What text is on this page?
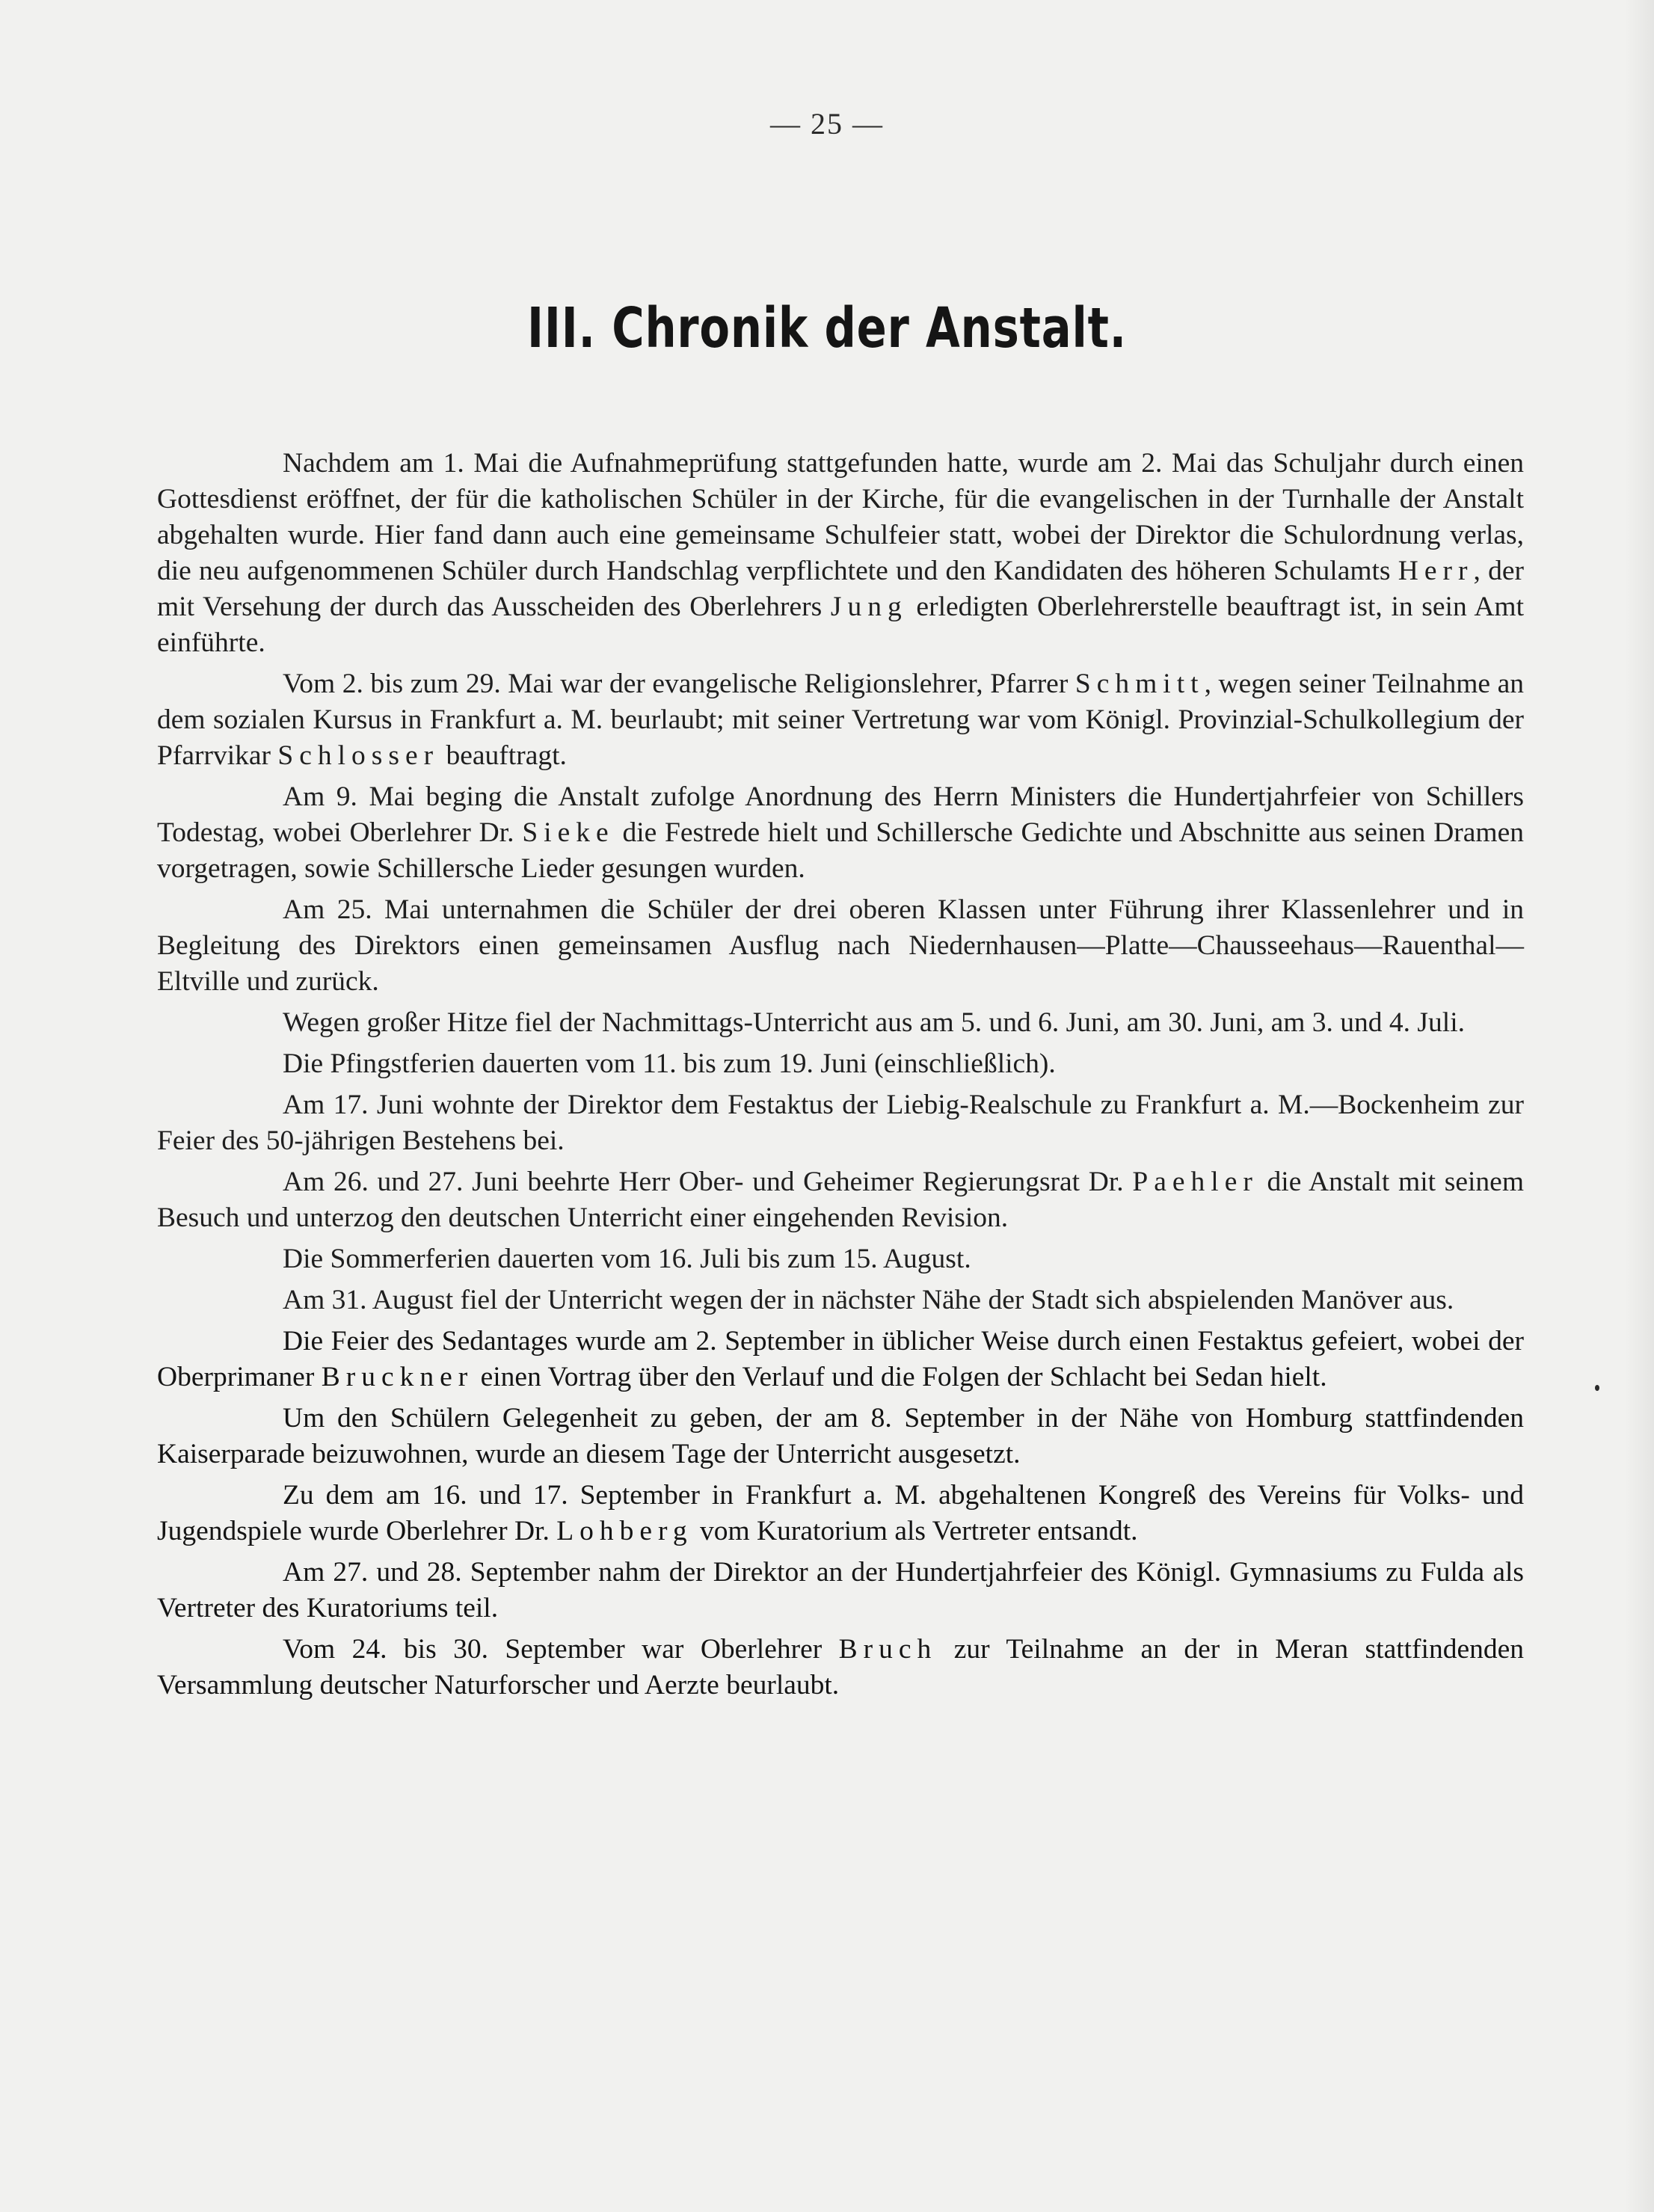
— 25 —
III. Chronik der Anstalt.

Nachdem am 1. Mai die Aufnahmeprüfung stattgefunden hatte, wurde am 2. Mai das Schuljahr durch einen Gottesdienst eröffnet, der für die katholischen Schüler in der Kirche, für die evangelischen in der Turnhalle der Anstalt abgehalten wurde. Hier fand dann auch eine gemeinsame Schulfeier statt, wobei der Direktor die Schulordnung verlas, die neu aufgenommenen Schüler durch Handschlag verpflichtete und den Kandidaten des höheren Schulamts Herr, der mit Versehung der durch das Ausscheiden des Oberlehrers Jung erledigten Oberlehrerstelle beauftragt ist, in sein Amt einführte.

Vom 2. bis zum 29. Mai war der evangelische Religionslehrer, Pfarrer Schmitt, wegen seiner Teilnahme an dem sozialen Kursus in Frankfurt a. M. beurlaubt; mit seiner Vertretung war vom Königl. Provinzial-Schulkollegium der Pfarrvikar Schlosser beauftragt.

Am 9. Mai beging die Anstalt zufolge Anordnung des Herrn Ministers die Hundertjahrfeier von Schillers Todestag, wobei Oberlehrer Dr. Sieke die Festrede hielt und Schillersche Gedichte und Abschnitte aus seinen Dramen vorgetragen, sowie Schillersche Lieder gesungen wurden.

Am 25. Mai unternahmen die Schüler der drei oberen Klassen unter Führung ihrer Klassenlehrer und in Begleitung des Direktors einen gemeinsamen Ausflug nach Niedernhausen—Platte—Chausseehaus—Rauenthal—Eltville und zurück.

Wegen großer Hitze fiel der Nachmittags-Unterricht aus am 5. und 6. Juni, am 30. Juni, am 3. und 4. Juli.

Die Pfingstferien dauerten vom 11. bis zum 19. Juni (einschließlich).

Am 17. Juni wohnte der Direktor dem Festaktus der Liebig-Realschule zu Frankfurt a. M.—Bockenheim zur Feier des 50-jährigen Bestehens bei.

Am 26. und 27. Juni beehrte Herr Ober- und Geheimer Regierungsrat Dr. Paehler die Anstalt mit seinem Besuch und unterzog den deutschen Unterricht einer eingehenden Revision.

Die Sommerferien dauerten vom 16. Juli bis zum 15. August.

Am 31. August fiel der Unterricht wegen der in nächster Nähe der Stadt sich abspielenden Manöver aus.

Die Feier des Sedantages wurde am 2. September in üblicher Weise durch einen Festaktus gefeiert, wobei der Oberprimaner Bruckner einen Vortrag über den Verlauf und die Folgen der Schlacht bei Sedan hielt.

Um den Schülern Gelegenheit zu geben, der am 8. September in der Nähe von Homburg stattfindenden Kaiserparade beizuwohnen, wurde an diesem Tage der Unterricht ausgesetzt.

Zu dem am 16. und 17. September in Frankfurt a. M. abgehaltenen Kongreß des Vereins für Volks- und Jugendspiele wurde Oberlehrer Dr. Lohberg vom Kuratorium als Vertreter entsandt.

Am 27. und 28. September nahm der Direktor an der Hundertjahrfeier des Königl. Gymnasiums zu Fulda als Vertreter des Kuratoriums teil.

Vom 24. bis 30. September war Oberlehrer Bruch zur Teilnahme an der in Meran stattfindenden Versammlung deutscher Naturforscher und Aerzte beurlaubt.
